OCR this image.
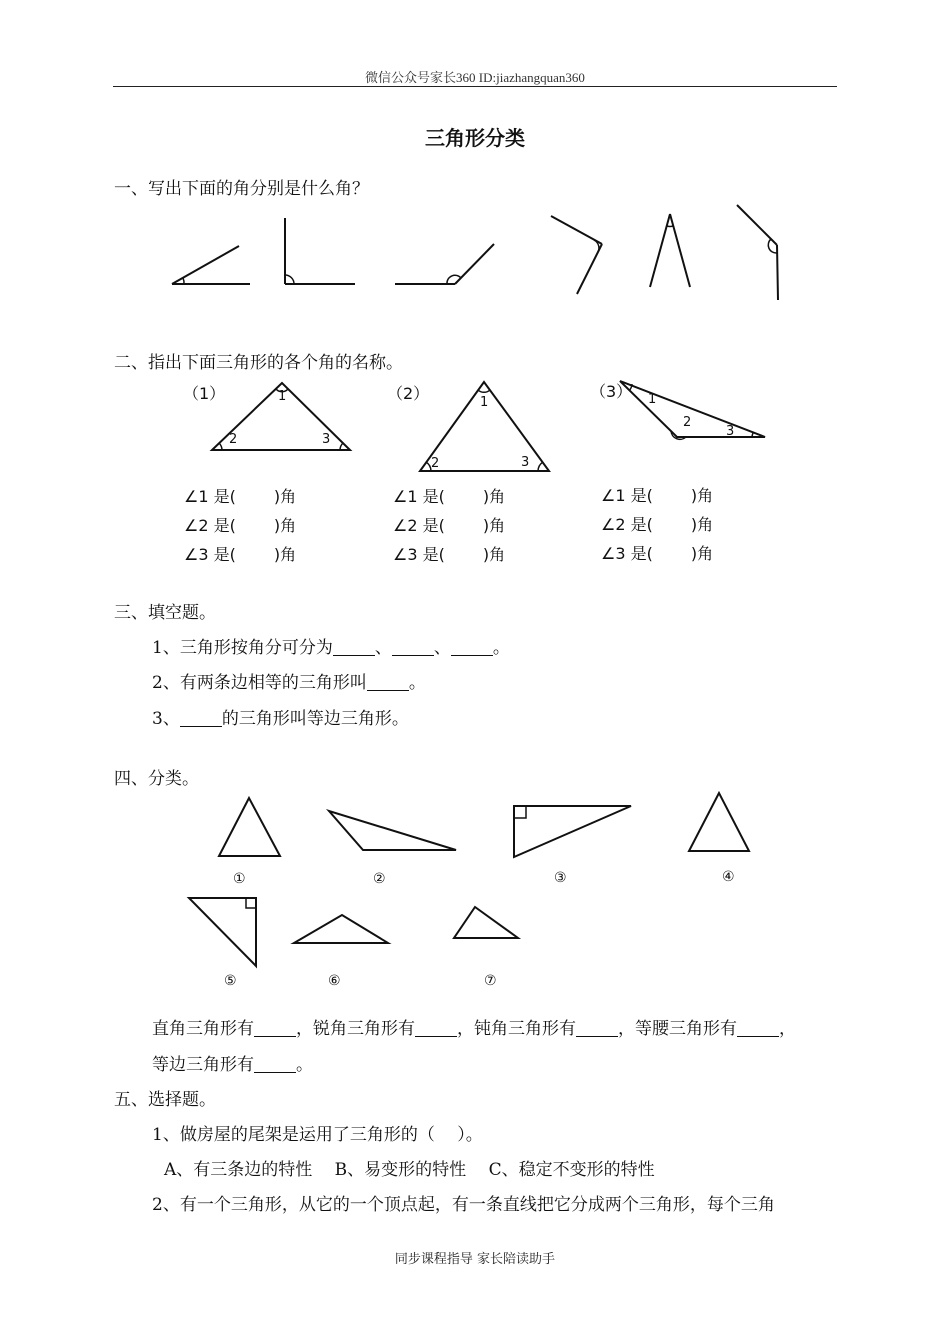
微信公众号家长360 ID:jiazhangquan360
三角形分类
一、写出下面的角分别是什么角？
二、指出下面三角形的各个角的名称。
（1）	（2）	（3）
1
2	3
1
2	3
1
2
3
∠1 是( )角
∠2 是( )角
∠3 是( )角
∠1 是( )角
∠2 是( )角
∠3 是( )角
∠1 是( )角
∠2 是( )角
∠3 是( )角
三、填空题。
1、三角形按角分可分为 、 、 。
2、有两条边相等的三角形叫 。
3、 的三角形叫等边三角形。
四、分类。
①	②	③	④
⑤	⑥	⑦
直角三角形有 ，锐角三角形有 ，钝角三角形有 ，等腰三角形有 ，
等边三角形有 。
五、选择题。
1、做房屋的尾架是运用了三角形的（　 ）。
A、有三条边的特性　 B、易变形的特性　 C、稳定不变形的特性
2、有一个三角形，从它的一个顶点起，有一条直线把它分成两个三角形，每个三角
同步课程指导 家长陪读助手
